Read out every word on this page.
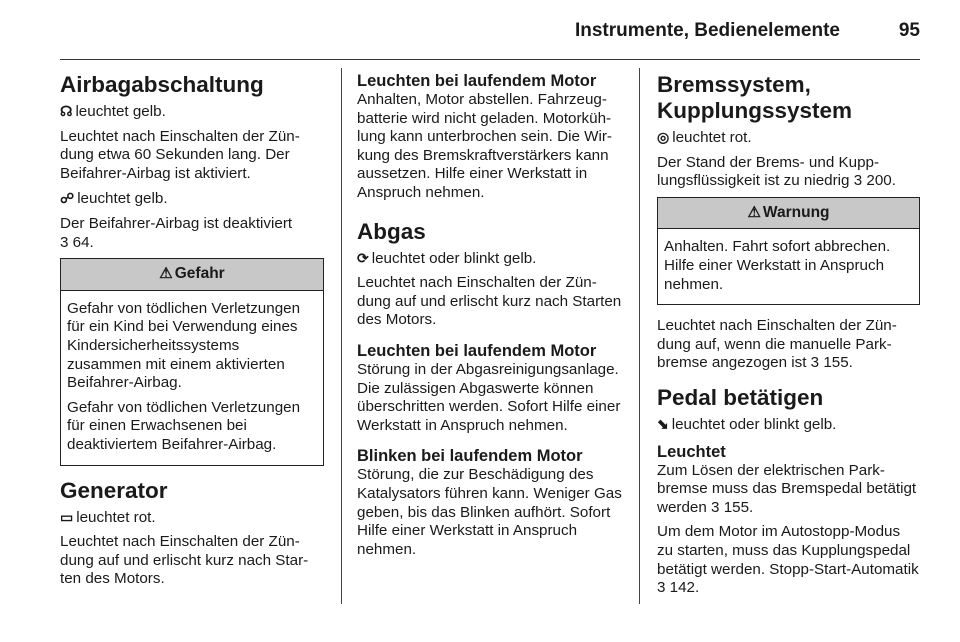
Instrumente, Bedienelemente	95
Airbagabschaltung

☊ leuchtet gelb.

Leuchtet nach Einschalten der Zündung etwa 60 Sekunden lang. Der Beifahrer-Airbag ist aktiviert.

☍ leuchtet gelb.

Der Beifahrer-Airbag ist deaktiviert
3 64.

⚠ Gefahr

Gefahr von tödlichen Verletzungen für ein Kind bei Verwendung eines Kindersicherheitssystems zusammen mit einem aktivierten Beifahrer-Airbag.

Gefahr von tödlichen Verletzungen für einen Erwachsenen bei deaktiviertem Beifahrer-Airbag.

Generator

▭ leuchtet rot.

Leuchtet nach Einschalten der Zündung auf und erlischt kurz nach Starten des Motors.

Leuchten bei laufendem Motor

Anhalten, Motor abstellen. Fahrzeugbatterie wird nicht geladen. Motorkühlung kann unterbrochen sein. Die Wirkung des Bremskraftverstärkers kann aussetzen. Hilfe einer Werkstatt in Anspruch nehmen.

Abgas

⟳ leuchtet oder blinkt gelb.

Leuchtet nach Einschalten der Zündung auf und erlischt kurz nach Starten des Motors.

Leuchten bei laufendem Motor

Störung in der Abgasreinigungsanlage. Die zulässigen Abgaswerte können überschritten werden. Sofort Hilfe einer Werkstatt in Anspruch nehmen.

Blinken bei laufendem Motor

Störung, die zur Beschädigung des Katalysators führen kann. Weniger Gas geben, bis das Blinken aufhört. Sofort Hilfe einer Werkstatt in Anspruch nehmen.

Bremssystem, Kupplungssystem

◎ leuchtet rot.

Der Stand der Brems- und Kupplungsflüssigkeit ist zu niedrig 3 200.

⚠ Warnung

Anhalten. Fahrt sofort abbrechen. Hilfe einer Werkstatt in Anspruch nehmen.

Leuchtet nach Einschalten der Zündung auf, wenn die manuelle Parkbremse angezogen ist 3 155.

Pedal betätigen

⬊ leuchtet oder blinkt gelb.

Leuchtet

Zum Lösen der elektrischen Parkbremse muss das Bremspedal betätigt werden 3 155.

Um dem Motor im Autostopp-Modus zu starten, muss das Kupplungspedal betätigt werden. Stopp-Start-Automatik 3 142.
